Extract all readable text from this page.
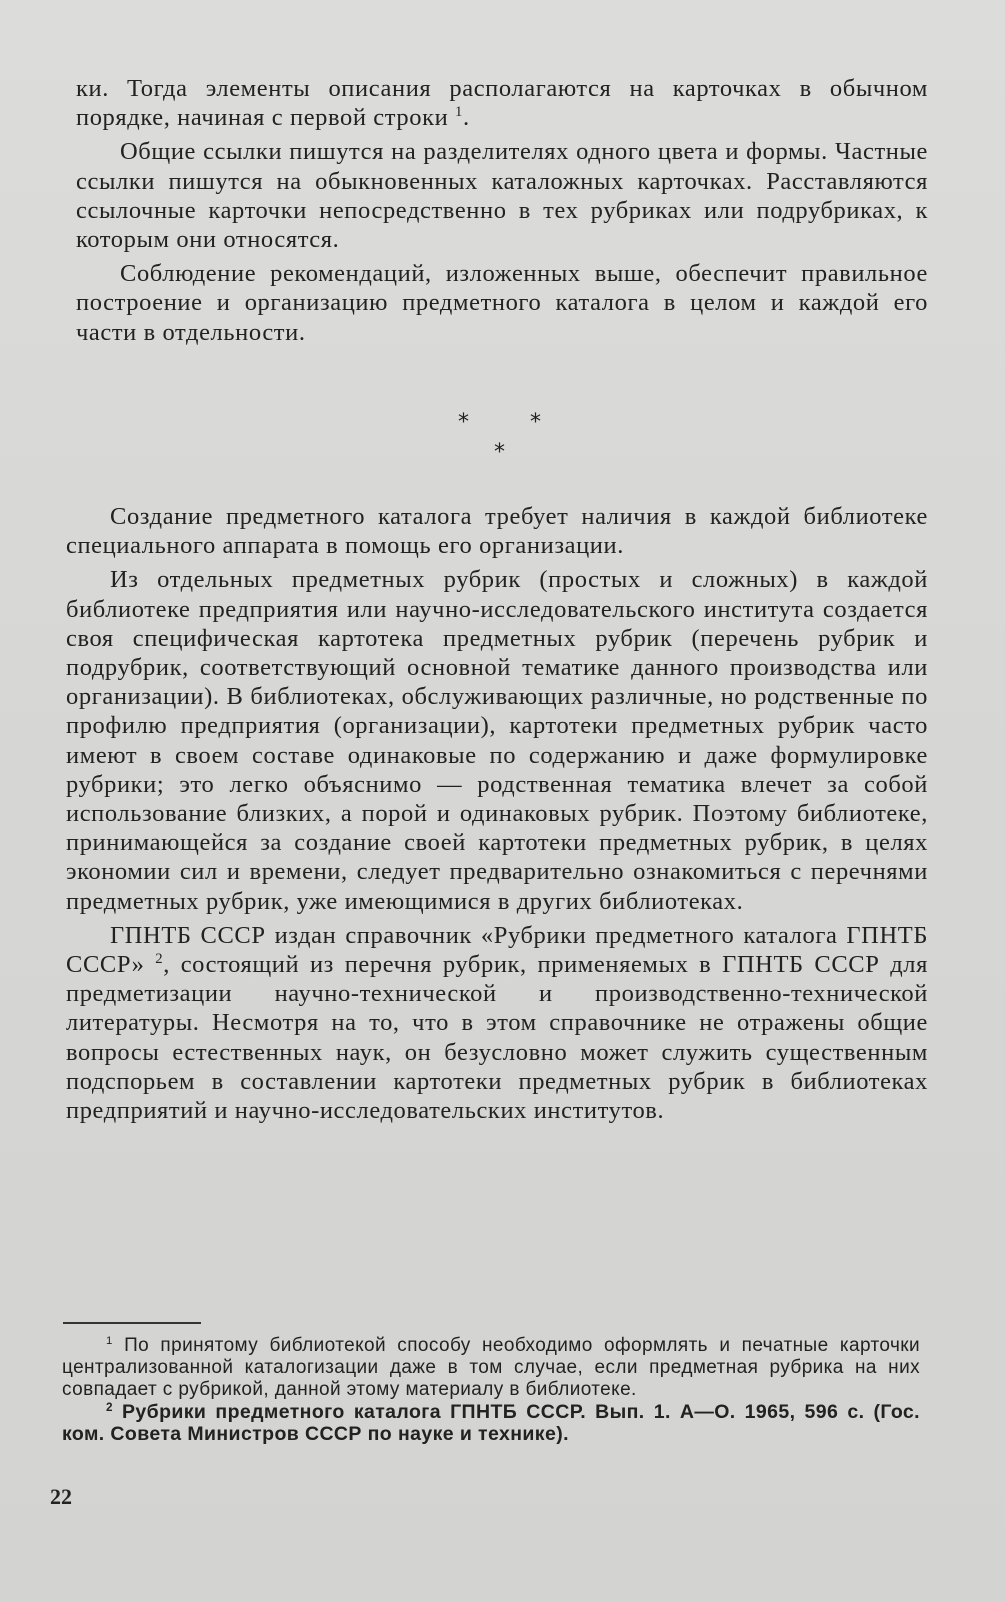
ки. Тогда элементы описания располагаются на карточках в обычном порядке, начиная с первой строки $^1$.

Общие ссылки пишутся на разделителях одного цвета и формы. Частные ссылки пишутся на обыкновенных каталожных карточках. Расставляются ссылочные карточки непосредственно в тех рубриках или подрубриках, к которым они относятся.

Соблюдение рекомендаций, изложенных выше, обеспечит правильное построение и организацию предметного каталога в целом и каждой его части в отдельности.

*	*
*

Создание предметного каталога требует наличия в каждой библиотеке специального аппарата в помощь его организации.

Из отдельных предметных рубрик (простых и сложных) в каждой библиотеке предприятия или научно-исследовательского института создается своя специфическая картотека предметных рубрик (перечень рубрик и подрубрик, соответствующий основной тематике данного производства или организации). В библиотеках, обслуживающих различные, но родственные по профилю предприятия (организации), картотеки предметных рубрик часто имеют в своем составе одинаковые по содержанию и даже формулировке рубрики; это легко объяснимо — родственная тематика влечет за собой использование близких, а порой и одинаковых рубрик. Поэтому библиотеке, принимающейся за создание своей картотеки предметных рубрик, в целях экономии сил и времени, следует предварительно ознакомиться с перечнями предметных рубрик, уже имеющимися в других библиотеках.

ГПНТБ СССР издан справочник «Рубрики предметного каталога ГПНТБ СССР» $^2$, состоящий из перечня рубрик, применяемых в ГПНТБ СССР для предметизации научно-технической и производственно-технической литературы. Несмотря на то, что в этом справочнике не отражены общие вопросы естественных наук, он безусловно может служить существенным подспорьем в составлении картотеки предметных рубрик в библиотеках предприятий и научно-исследовательских институтов.

$^1$ По принятому библиотекой способу необходимо оформлять и печатные карточки централизованной каталогизации даже в том случае, если предметная рубрика на них совпадает с рубрикой, данной этому материалу в библиотеке.

$^2$ Рубрики предметного каталога ГПНТБ СССР. Вып. 1. А—О. 1965, 596 с. (Гос. ком. Совета Министров СССР по науке и технике).

22
